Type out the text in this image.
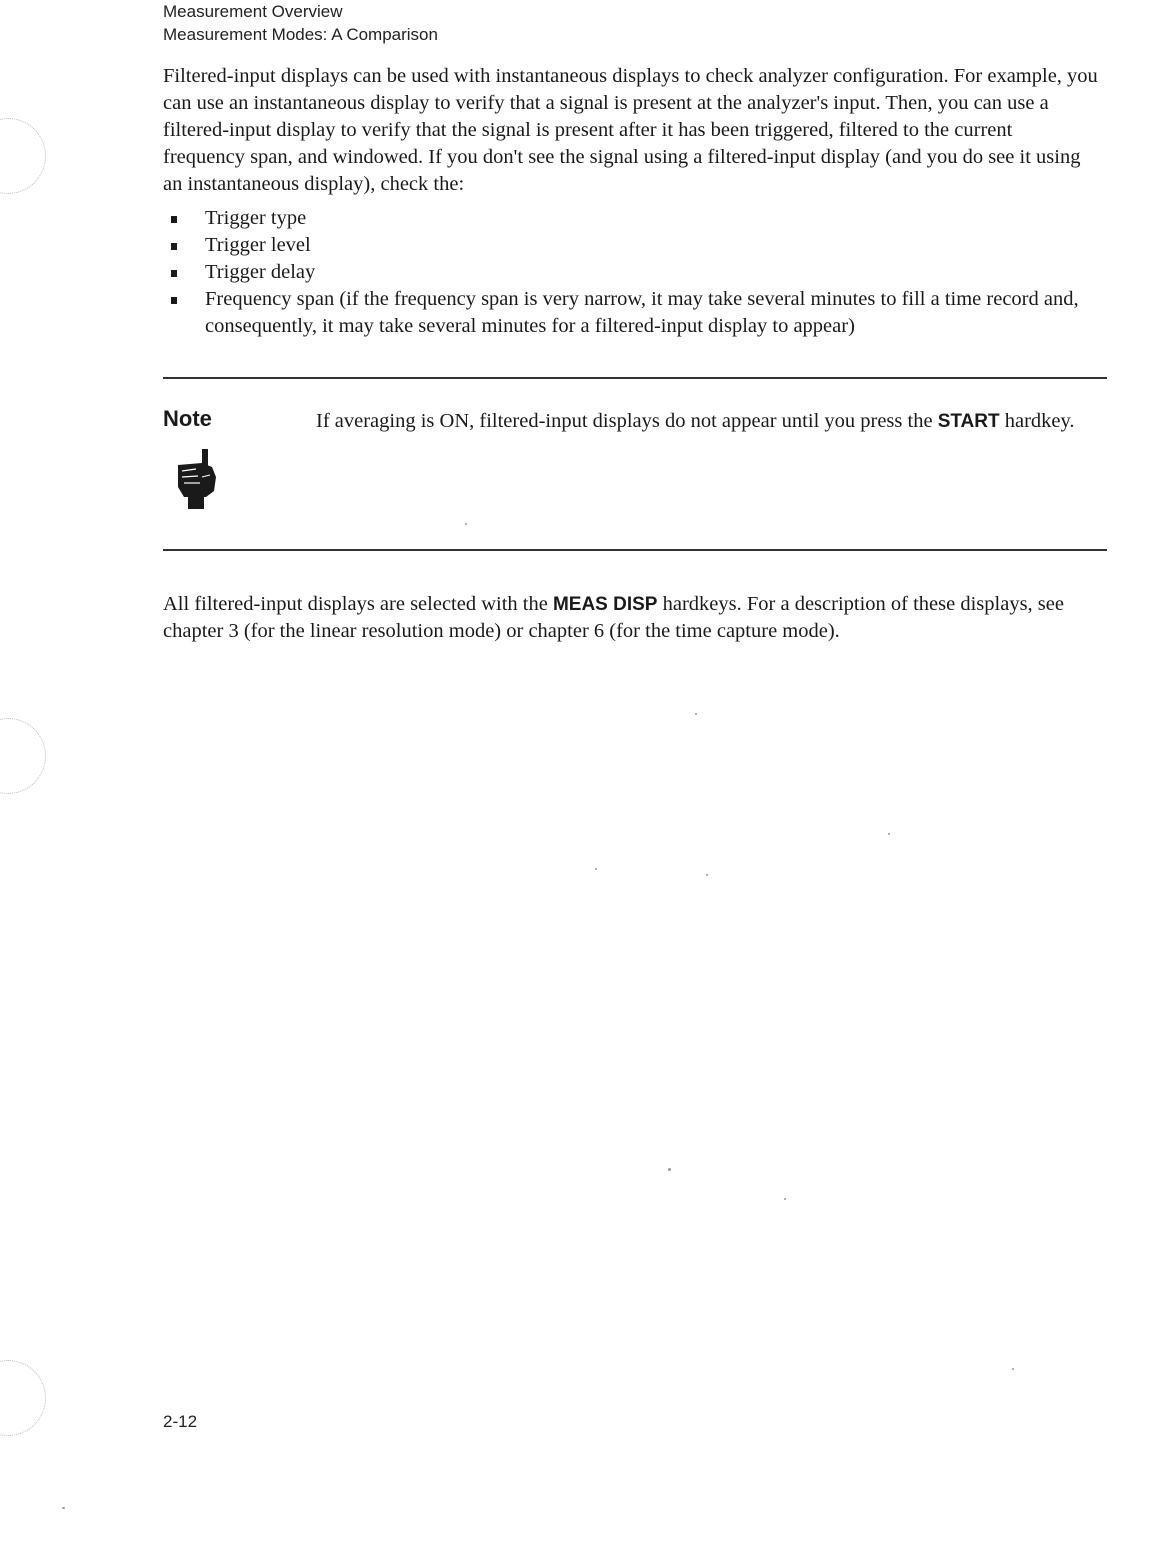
Measurement Overview
Measurement Modes: A Comparison

Filtered-input displays can be used with instantaneous displays to check analyzer configuration. For example, you can use an instantaneous display to verify that a signal is present at the analyzer's input. Then, you can use a filtered-input display to verify that the signal is present after it has been triggered, filtered to the current frequency span, and windowed. If you don't see the signal using a filtered-input display (and you do see it using an instantaneous display), check the:

Trigger type
Trigger level
Trigger delay
Frequency span (if the frequency span is very narrow, it may take several minutes to fill a time record and, consequently, it may take several minutes for a filtered-input display to appear)
Note	If averaging is ON, filtered-input displays do not appear until you press the START hardkey.

All filtered-input displays are selected with the MEAS DISP hardkeys. For a description of these displays, see chapter 3 (for the linear resolution mode) or chapter 6 (for the time capture mode).

2-12
